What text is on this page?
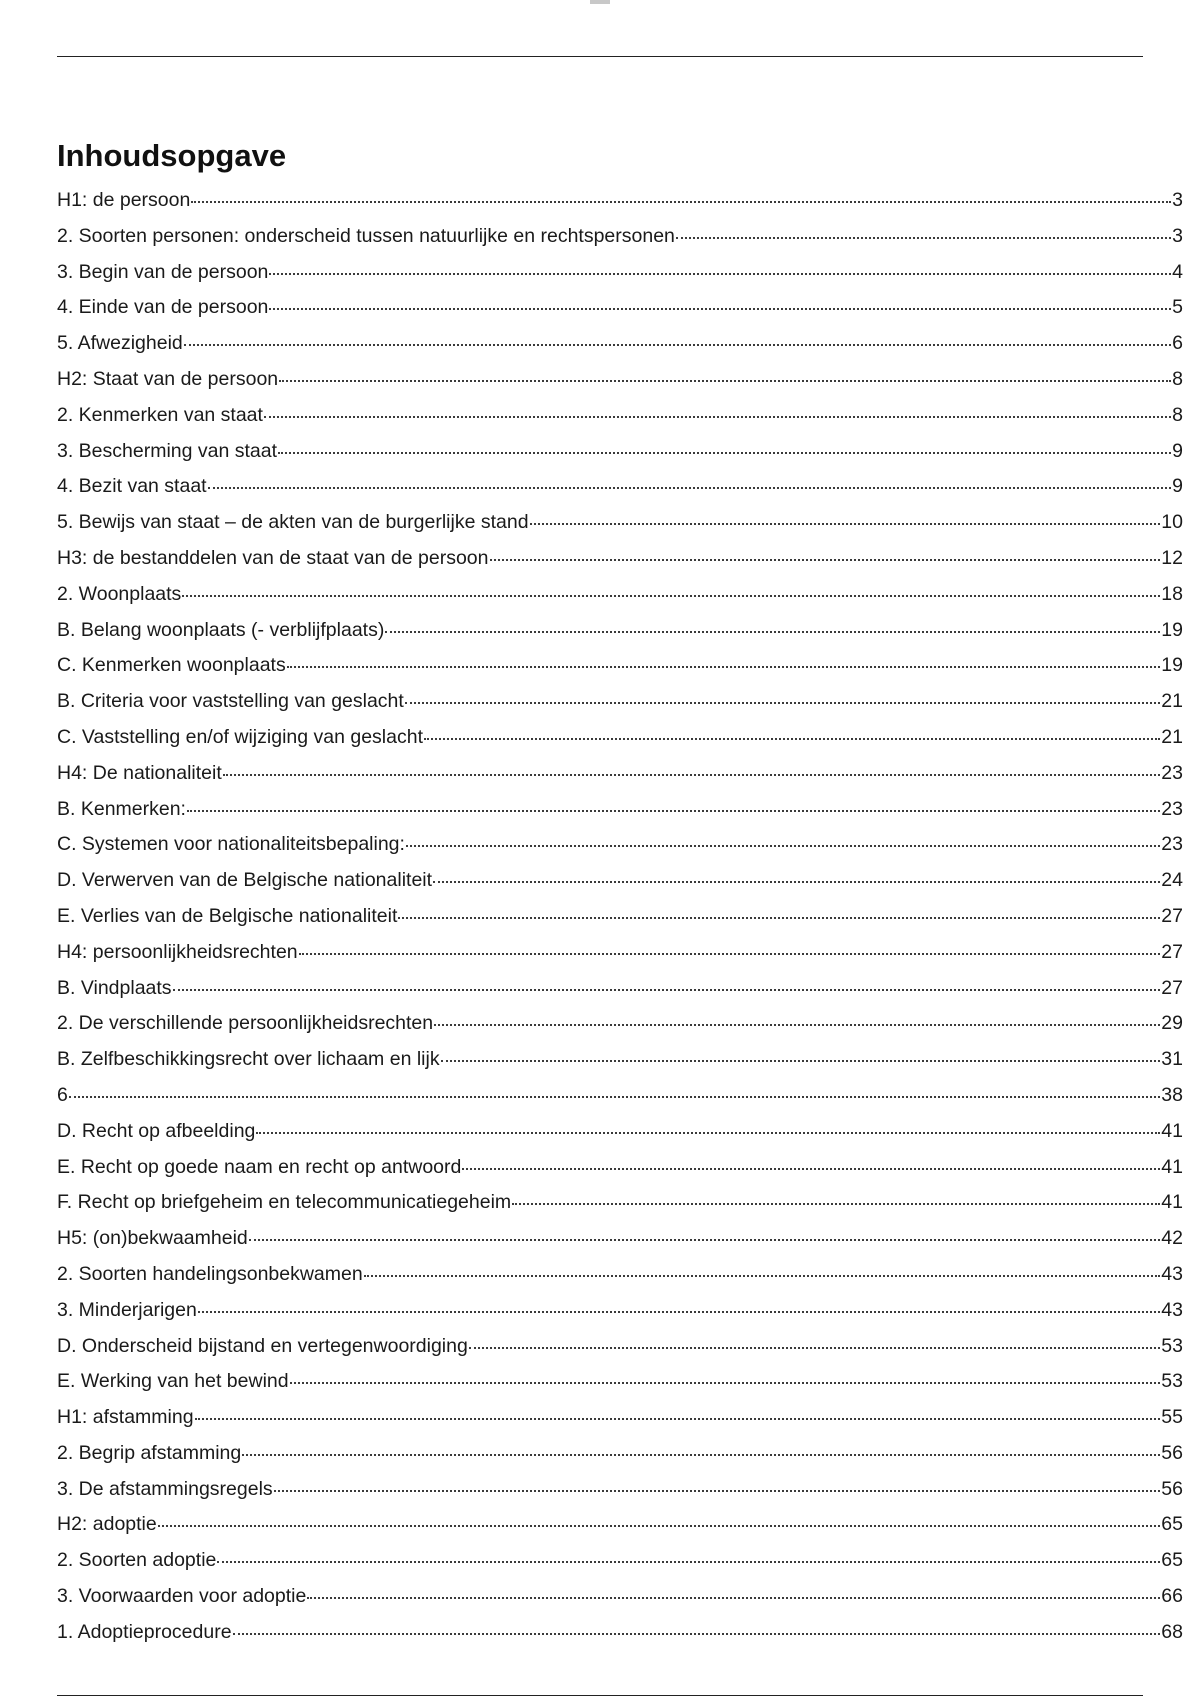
Inhoudsopgave
H1: de persoon	3
2. Soorten personen: onderscheid tussen natuurlijke en rechtspersonen	3
3. Begin van de persoon	4
4. Einde van de persoon	5
5. Afwezigheid	6
H2: Staat van de persoon	8
2. Kenmerken van staat	8
3. Bescherming van staat	9
4. Bezit van staat	9
5. Bewijs van staat – de akten van de burgerlijke stand	10
H3: de bestanddelen van de staat van de persoon	12
2. Woonplaats	18
B. Belang woonplaats (- verblijfplaats)	19
C. Kenmerken woonplaats	19
B. Criteria voor vaststelling van geslacht	21
C. Vaststelling en/of wijziging van geslacht	21
H4: De nationaliteit	23
B. Kenmerken:	23
C. Systemen voor nationaliteitsbepaling:	23
D. Verwerven van de Belgische nationaliteit	24
E. Verlies van de Belgische nationaliteit	27
H4: persoonlijkheidsrechten	27
B. Vindplaats	27
2. De verschillende persoonlijkheidsrechten	29
B. Zelfbeschikkingsrecht over lichaam en lijk	31
6	38
D. Recht op afbeelding	41
E. Recht op goede naam en recht op antwoord	41
F. Recht op briefgeheim en telecommunicatiegeheim	41
H5: (on)bekwaamheid	42
2. Soorten handelingsonbekwamen	43
3. Minderjarigen	43
D. Onderscheid bijstand en vertegenwoordiging	53
E. Werking van het bewind	53
H1: afstamming	55
2. Begrip afstamming	56
3. De afstammingsregels	56
H2: adoptie	65
2. Soorten adoptie	65
3. Voorwaarden voor adoptie	66
1. Adoptieprocedure	68
